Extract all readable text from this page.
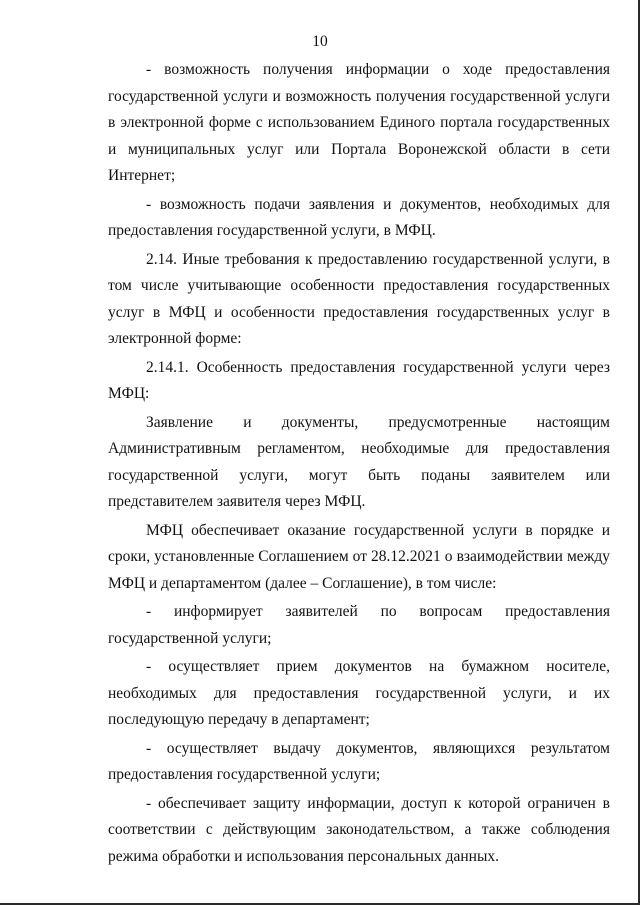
10

- возможность получения информации о ходе предоставления государственной услуги и возможность получения государственной услуги в электронной форме с использованием Единого портала государственных и муниципальных услуг или Портала Воронежской области в сети Интернет;

- возможность подачи заявления и документов, необходимых для предоставления государственной услуги, в МФЦ.

2.14. Иные требования к предоставлению государственной услуги, в том числе учитывающие особенности предоставления государственных услуг в МФЦ и особенности предоставления государственных услуг в электронной форме:

2.14.1. Особенность предоставления государственной услуги через МФЦ:

Заявление и документы, предусмотренные настоящим Административным регламентом, необходимые для предоставления государственной услуги, могут быть поданы заявителем или представителем заявителя через МФЦ.

МФЦ обеспечивает оказание государственной услуги в порядке и сроки, установленные Соглашением от 28.12.2021 о взаимодействии между МФЦ и департаментом (далее – Соглашение), в том числе:

- информирует заявителей по вопросам предоставления государственной услуги;

- осуществляет прием документов на бумажном носителе, необходимых для предоставления государственной услуги, и их последующую передачу в департамент;

- осуществляет выдачу документов, являющихся результатом предоставления государственной услуги;

- обеспечивает защиту информации, доступ к которой ограничен в соответствии с действующим законодательством, а также соблюдения режима обработки и использования персональных данных.
